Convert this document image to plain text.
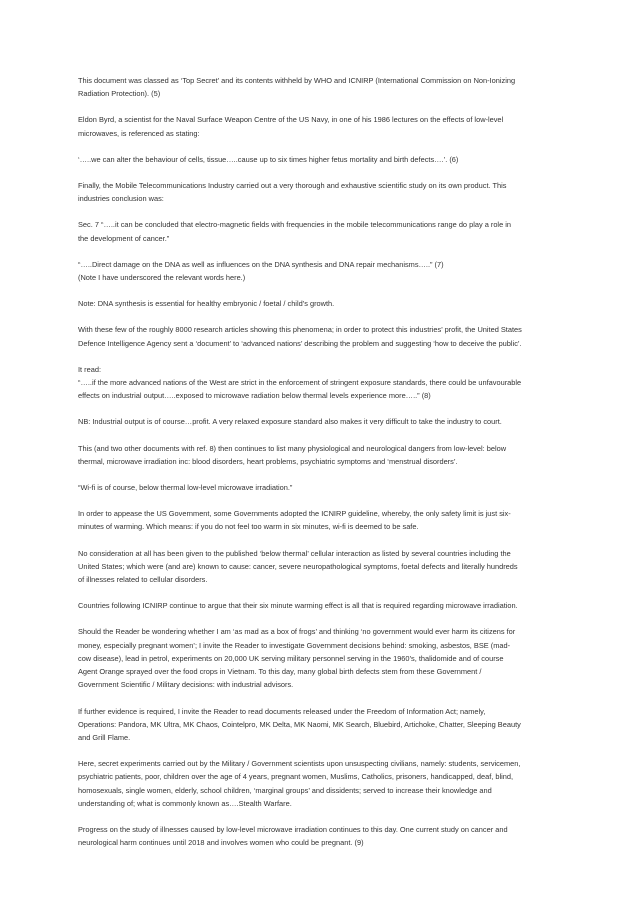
This document was classed as ‘Top Secret’ and its contents withheld by WHO and ICNIRP (International Commission on Non-Ionizing
Radiation Protection). (5)

Eldon Byrd, a scientist for the Naval Surface Weapon Centre of the US Navy, in one of his 1986 lectures on the effects of low-level
microwaves, is referenced as stating:

‘…..we can alter the behaviour of cells, tissue…..cause up to six times higher fetus mortality and birth defects….’. (6)

Finally, the Mobile Telecommunications Industry carried out a very thorough and exhaustive scientific study on its own product. This
industries conclusion was:

Sec. 7 “…..it can be concluded that electro-magnetic fields with frequencies in the mobile telecommunications range do play a role in
the development of cancer.”

“…..Direct damage on the DNA as well as influences on the DNA synthesis and DNA repair mechanisms…..” (7)
(Note I have underscored the relevant words here.)

Note: DNA synthesis is essential for healthy embryonic / foetal / child’s growth.

With these few of the roughly 8000 research articles showing this phenomena; in order to protect this industries’ profit, the United States
Defence Intelligence Agency sent a ‘document’ to ‘advanced nations’ describing the problem and suggesting ‘how to deceive the public’.

It read:
“…..if the more advanced nations of the West are strict in the enforcement of stringent exposure standards, there could be unfavourable
effects on industrial output…..exposed to microwave radiation below thermal levels experience more…..” (8)

NB: Industrial output is of course…profit. A very relaxed exposure standard also makes it very difficult to take the industry to court.

This (and two other documents with ref. 8) then continues to list many physiological and neurological dangers from low-level: below
thermal, microwave irradiation inc: blood disorders, heart problems, psychiatric symptoms and ‘menstrual disorders’.

“Wi-fi is of course, below thermal low-level microwave irradiation.”

In order to appease the US Government, some Governments adopted the ICNIRP guideline, whereby, the only safety limit is just six-
minutes of warming. Which means: if you do not feel too warm in six minutes, wi-fi is deemed to be safe.

No consideration at all has been given to the published ‘below thermal’ cellular interaction as listed by several countries including the
United States; which were (and are) known to cause: cancer, severe neuropathological symptoms, foetal defects and literally hundreds
of illnesses related to cellular disorders.

Countries following ICNIRP continue to argue that their six minute warming effect is all that is required regarding microwave irradiation.

Should the Reader be wondering whether I am ‘as mad as a box of frogs’ and thinking ‘no government would ever harm its citizens for
money, especially pregnant women’; I invite the Reader to investigate Government decisions behind: smoking, asbestos, BSE (mad-
cow disease), lead in petrol, experiments on 20,000 UK serving military personnel serving in the 1960’s, thalidomide and of course
Agent Orange sprayed over the food crops in Vietnam. To this day, many global birth defects stem from these Government /
Government Scientific / Military decisions: with industrial advisors.

If further evidence is required, I invite the Reader to read documents released under the Freedom of Information Act; namely,
Operations: Pandora, MK Ultra, MK Chaos, Cointelpro, MK Delta, MK Naomi, MK Search, Bluebird, Artichoke, Chatter, Sleeping Beauty
and Grill Flame.

Here, secret experiments carried out by the Military / Government scientists upon unsuspecting civilians, namely: students, servicemen,
psychiatric patients, poor, children over the age of 4 years, pregnant women, Muslims, Catholics, prisoners, handicapped, deaf, blind,
homosexuals, single women, elderly, school children, ‘marginal groups’ and dissidents; served to increase their knowledge and
understanding of; what is commonly known as….Stealth Warfare.

Progress on the study of illnesses caused by low-level microwave irradiation continues to this day. One current study on cancer and
neurological harm continues until 2018 and involves women who could be pregnant. (9)
